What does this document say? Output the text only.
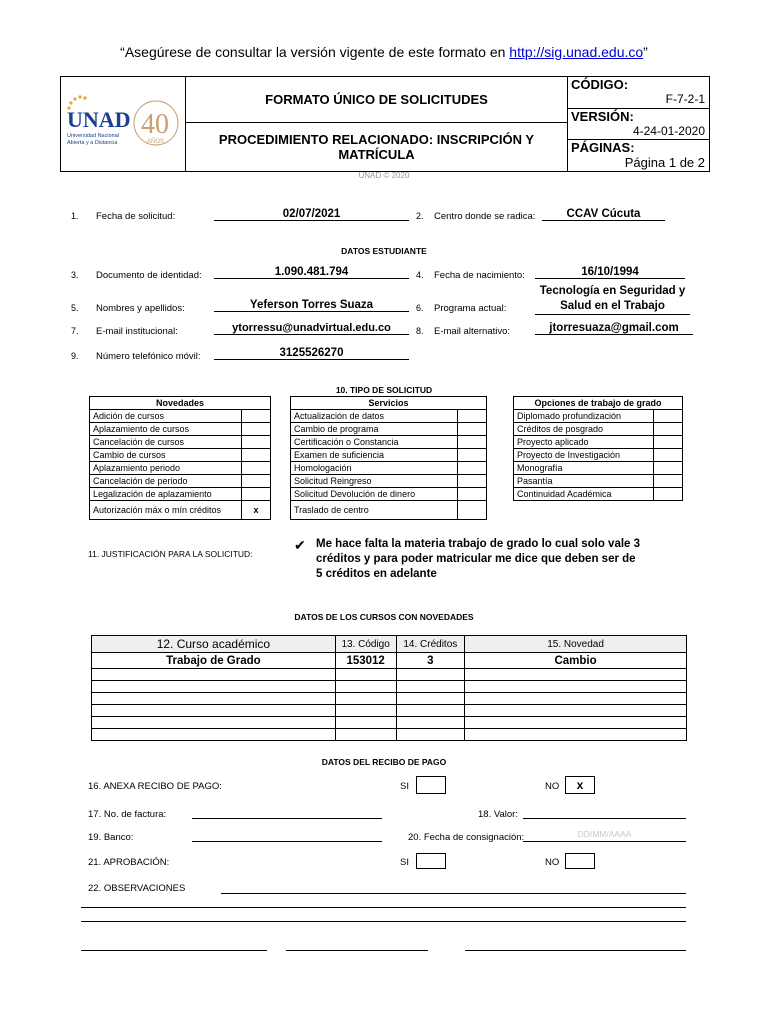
“Asegúrese de consultar la versión vigente de este formato en http://sig.unad.edu.co”
UNAD
Universidad Nacional
Abierta y a Distancia
40
AÑOS
FORMATO ÚNICO DE SOLICITUDES
PROCEDIMIENTO RELACIONADO: INSCRIPCIÓN Y MATRÍCULA
CÓDIGO:
F-7-2-1
VERSIÓN:
4-24-01-2020
PÁGINAS:
Página 1 de 2
UNAD © 2020
1. Fecha de solicitud:	02/07/2021	2. Centro donde se radica:	CCAV Cúcuta
DATOS ESTUDIANTE
3. Documento de identidad:	1.090.481.794	4. Fecha de nacimiento:	16/10/1994
5. Nombres y apellidos:	Yeferson Torres Suaza	6. Programa actual:
Tecnología en Seguridad y
Salud en el Trabajo
7. E-mail institucional:	ytorressu@unadvirtual.edu.co	8. E-mail alternativo:	jtorresuaza@gmail.com
9. Número telefónico móvil:	3125526270
10. TIPO DE SOLICITUD
Novedades	
Adición de cursos	
Aplazamiento de cursos	
Cancelación de cursos	
Cambio de cursos	
Aplazamiento periodo	
Cancelación de periodo	
Legalización de aplazamiento	
Autorización máx o mín créditos	x
Servicios	
Actualización de datos	
Cambio de programa	
Certificación o Constancia	
Examen de suficiencia	
Homologación	
Solicitud Reingreso	
Solicitud Devolución de dinero	
Traslado de centro	
Opciones de trabajo de grado	
Diplomado profundización	
Créditos de posgrado	
Proyecto aplicado	
Proyecto de Investigación	
Monografía	
Pasantía	
Continuidad Académica	
11. JUSTIFICACIÓN PARA LA SOLICITUD:
✔ Me hace falta la materia trabajo de grado lo cual solo vale 3
créditos y para poder matricular me dice que deben ser de
5 créditos en adelante
DATOS DE LOS CURSOS CON NOVEDADES
12. Curso académico	13. Código	14. Créditos	15. Novedad
Trabajo de Grado	153012	3	Cambio

DATOS DEL RECIBO DE PAGO
16. ANEXA RECIBO DE PAGO:	SI	NO	x
17. No. de factura:	18. Valor:
19. Banco:	20. Fecha de consignación:	DD/MM/AAAA
21. APROBACIÓN:	SI	NO
22. OBSERVACIONES
